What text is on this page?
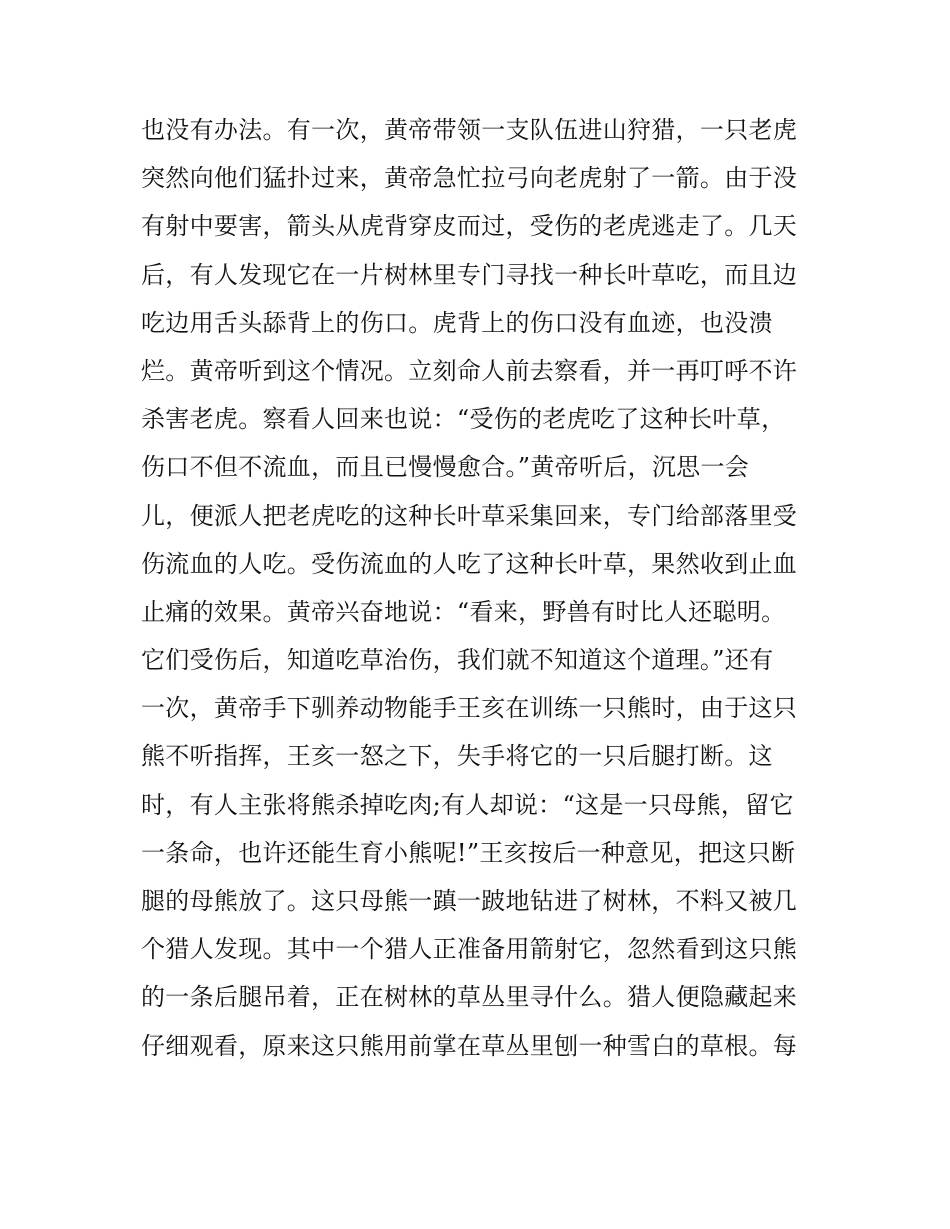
也没有办法。有一次，黄帝带领一支队伍进山狩猎，一只老虎
突然向他们猛扑过来，黄帝急忙拉弓向老虎射了一箭。由于没
有射中要害，箭头从虎背穿皮而过，受伤的老虎逃走了。几天
后，有人发现它在一片树林里专门寻找一种长叶草吃，而且边
吃边用舌头舔背上的伤口。虎背上的伤口没有血迹，也没溃
烂。黄帝听到这个情况。立刻命人前去察看，并一再叮呼不许
杀害老虎。察看人回来也说：“受伤的老虎吃了这种长叶草，
伤口不但不流血，而且已慢慢愈合。”黄帝听后，沉思一会
儿，便派人把老虎吃的这种长叶草采集回来，专门给部落里受
伤流血的人吃。受伤流血的人吃了这种长叶草，果然收到止血
止痛的效果。黄帝兴奋地说：“看来，野兽有时比人还聪明。
它们受伤后，知道吃草治伤，我们就不知道这个道理。”还有
一次，黄帝手下驯养动物能手王亥在训练一只熊时，由于这只
熊不听指挥，王亥一怒之下，失手将它的一只后腿打断。这
时，有人主张将熊杀掉吃肉;有人却说：“这是一只母熊，留它
一条命，也许还能生育小熊呢!”王亥按后一种意见，把这只断
腿的母熊放了。这只母熊一蹎一跛地钻进了树林，不料又被几
个猎人发现。其中一个猎人正准备用箭射它，忽然看到这只熊
的一条后腿吊着，正在树林的草丛里寻什么。猎人便隐藏起来
仔细观看，原来这只熊用前掌在草丛里刨一种雪白的草根。每
